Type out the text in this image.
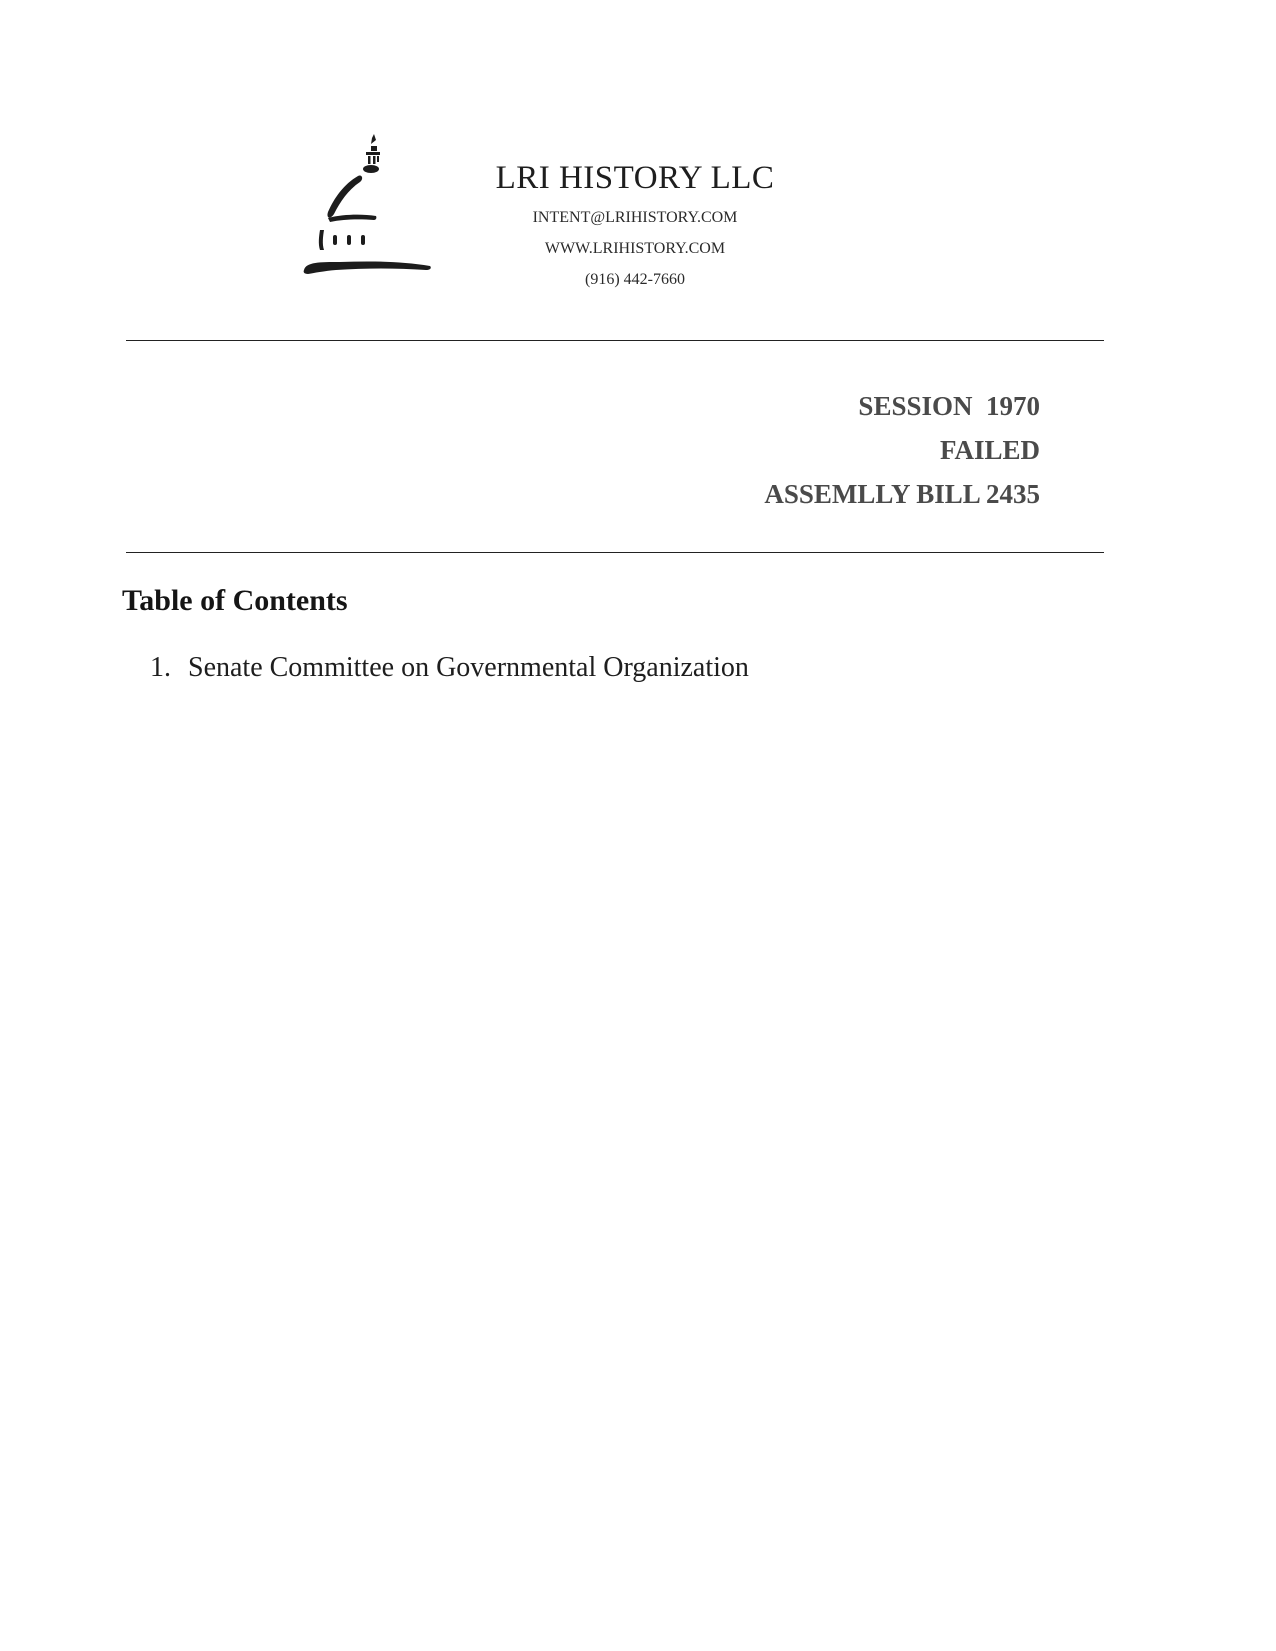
LRI HISTORY LLC
INTENT@LRIHISTORY.COM
WWW.LRIHISTORY.COM
(916) 442-7660
SESSION  1970
FAILED
ASSEMLLY BILL 2435
Table of Contents
1. Senate Committee on Governmental Organization
